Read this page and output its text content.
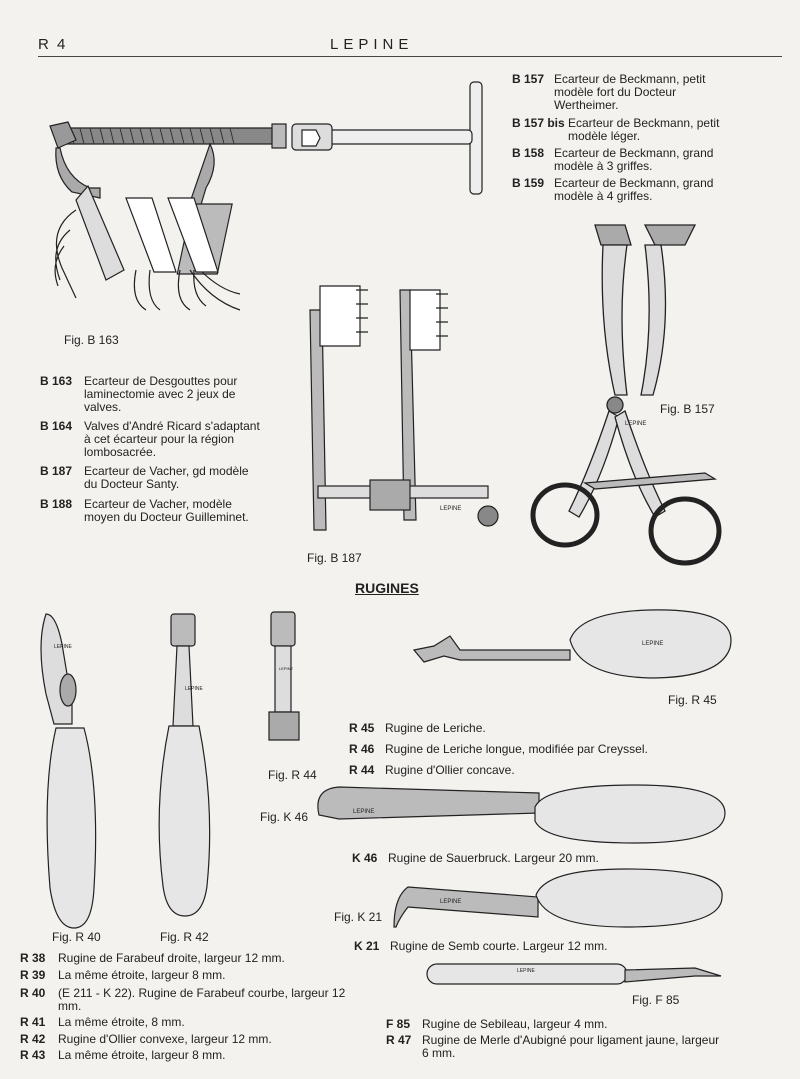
R 4	LEPINE
LEPINE
LEPINE
LEPINE
LEPINE
LEPINE
LEPINE
LEPINE
LEPINE
LEPINE
Fig. B 163
Fig. B 187
Fig. B 157
Fig. R 44
Fig. R 45
Fig. K 46
Fig. K 21
Fig. R 40	Fig. R 42
Fig. F 85
RUGINES
B 157 Ecarteur de Beckmann, petit modèle fort du Docteur Wertheimer.
B 157 bis Ecarteur de Beckmann, petit modèle léger.
B 158 Ecarteur de Beckmann, grand modèle à 3 griffes.
B 159 Ecarteur de Beckmann, grand modèle à 4 griffes.
B 163 Ecarteur de Desgouttes pour laminectomie avec 2 jeux de valves.
B 164 Valves d'André Ricard s'adaptant à cet écarteur pour la région lombosacrée.
B 187 Ecarteur de Vacher, gd modèle du Docteur Santy.
B 188 Ecarteur de Vacher, modèle moyen du Docteur Guilleminet.
R 45 Rugine de Leriche.
R 46 Rugine de Leriche longue, modifiée par Creyssel.
R 44 Rugine d'Ollier concave.
K 46 Rugine de Sauerbruck. Largeur 20 mm.
K 21 Rugine de Semb courte. Largeur 12 mm.
R 38 Rugine de Farabeuf droite, largeur 12 mm.
R 39 La même étroite, largeur 8 mm.
R 40 (E 211 - K 22). Rugine de Farabeuf courbe, largeur 12 mm.
R 41 La même étroite, 8 mm.
R 42 Rugine d'Ollier convexe, largeur 12 mm.
R 43 La même étroite, largeur 8 mm.
F 85 Rugine de Sebileau, largeur 4 mm.
R 47 Rugine de Merle d'Aubigné pour ligament jaune, largeur 6 mm.
